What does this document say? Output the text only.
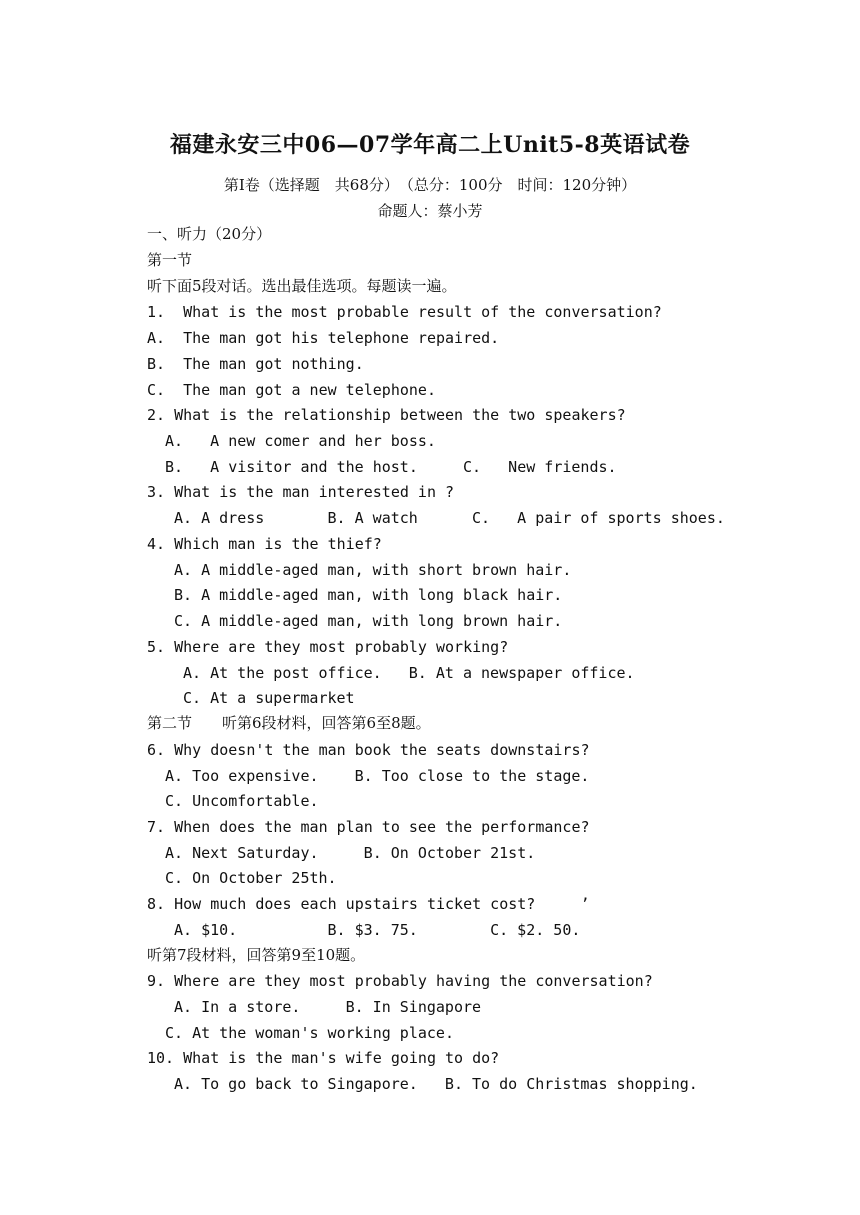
福建永安三中06—07学年高二上Unit5-8英语试卷
第I卷（选择题　共68分）　（总分：100分　时间：120分钟）
命题人：蔡小芳
一、听力（20分）
第一节
听下面5段对话。选出最佳选项。每题读一遍。
1.  What is the most probable result of the conversation?
A.  The man got his telephone repaired.
B.  The man got nothing.
C.  The man got a new telephone.
2. What is the relationship between the two speakers?
A.   A new comer and her boss.
B.   A visitor and the host.     C.   New friends.
3. What is the man interested in ?
A. A dress       B. A watch      C.   A pair of sports shoes.
4. Which man is the thief?
A. A middle-aged man, with short brown hair.
B. A middle-aged man, with long black hair.
C. A middle-aged man, with long brown hair.
5. Where are they most probably working?
A. At the post office.   B. At a newspaper office.
C. At a supermarket
第二节　　听第6段材料，回答第6至8题。
6. Why doesn't the man book the seats downstairs?
A. Too expensive.    B. Too close to the stage.
C. Uncomfortable.
7. When does the man plan to see the performance?
A. Next Saturday.     B. On October 21st.
C. On October 25th.
8. How much does each upstairs ticket cost?     ’
A. $10.          B. $3. 75.        C. $2. 50.
听第7段材料，回答第9至10题。
9. Where are they most probably having the conversation?
A. In a store.     B. In Singapore
C. At the woman's working place.
10. What is the man's wife going to do?
A. To go back to Singapore.   B. To do Christmas shopping.
